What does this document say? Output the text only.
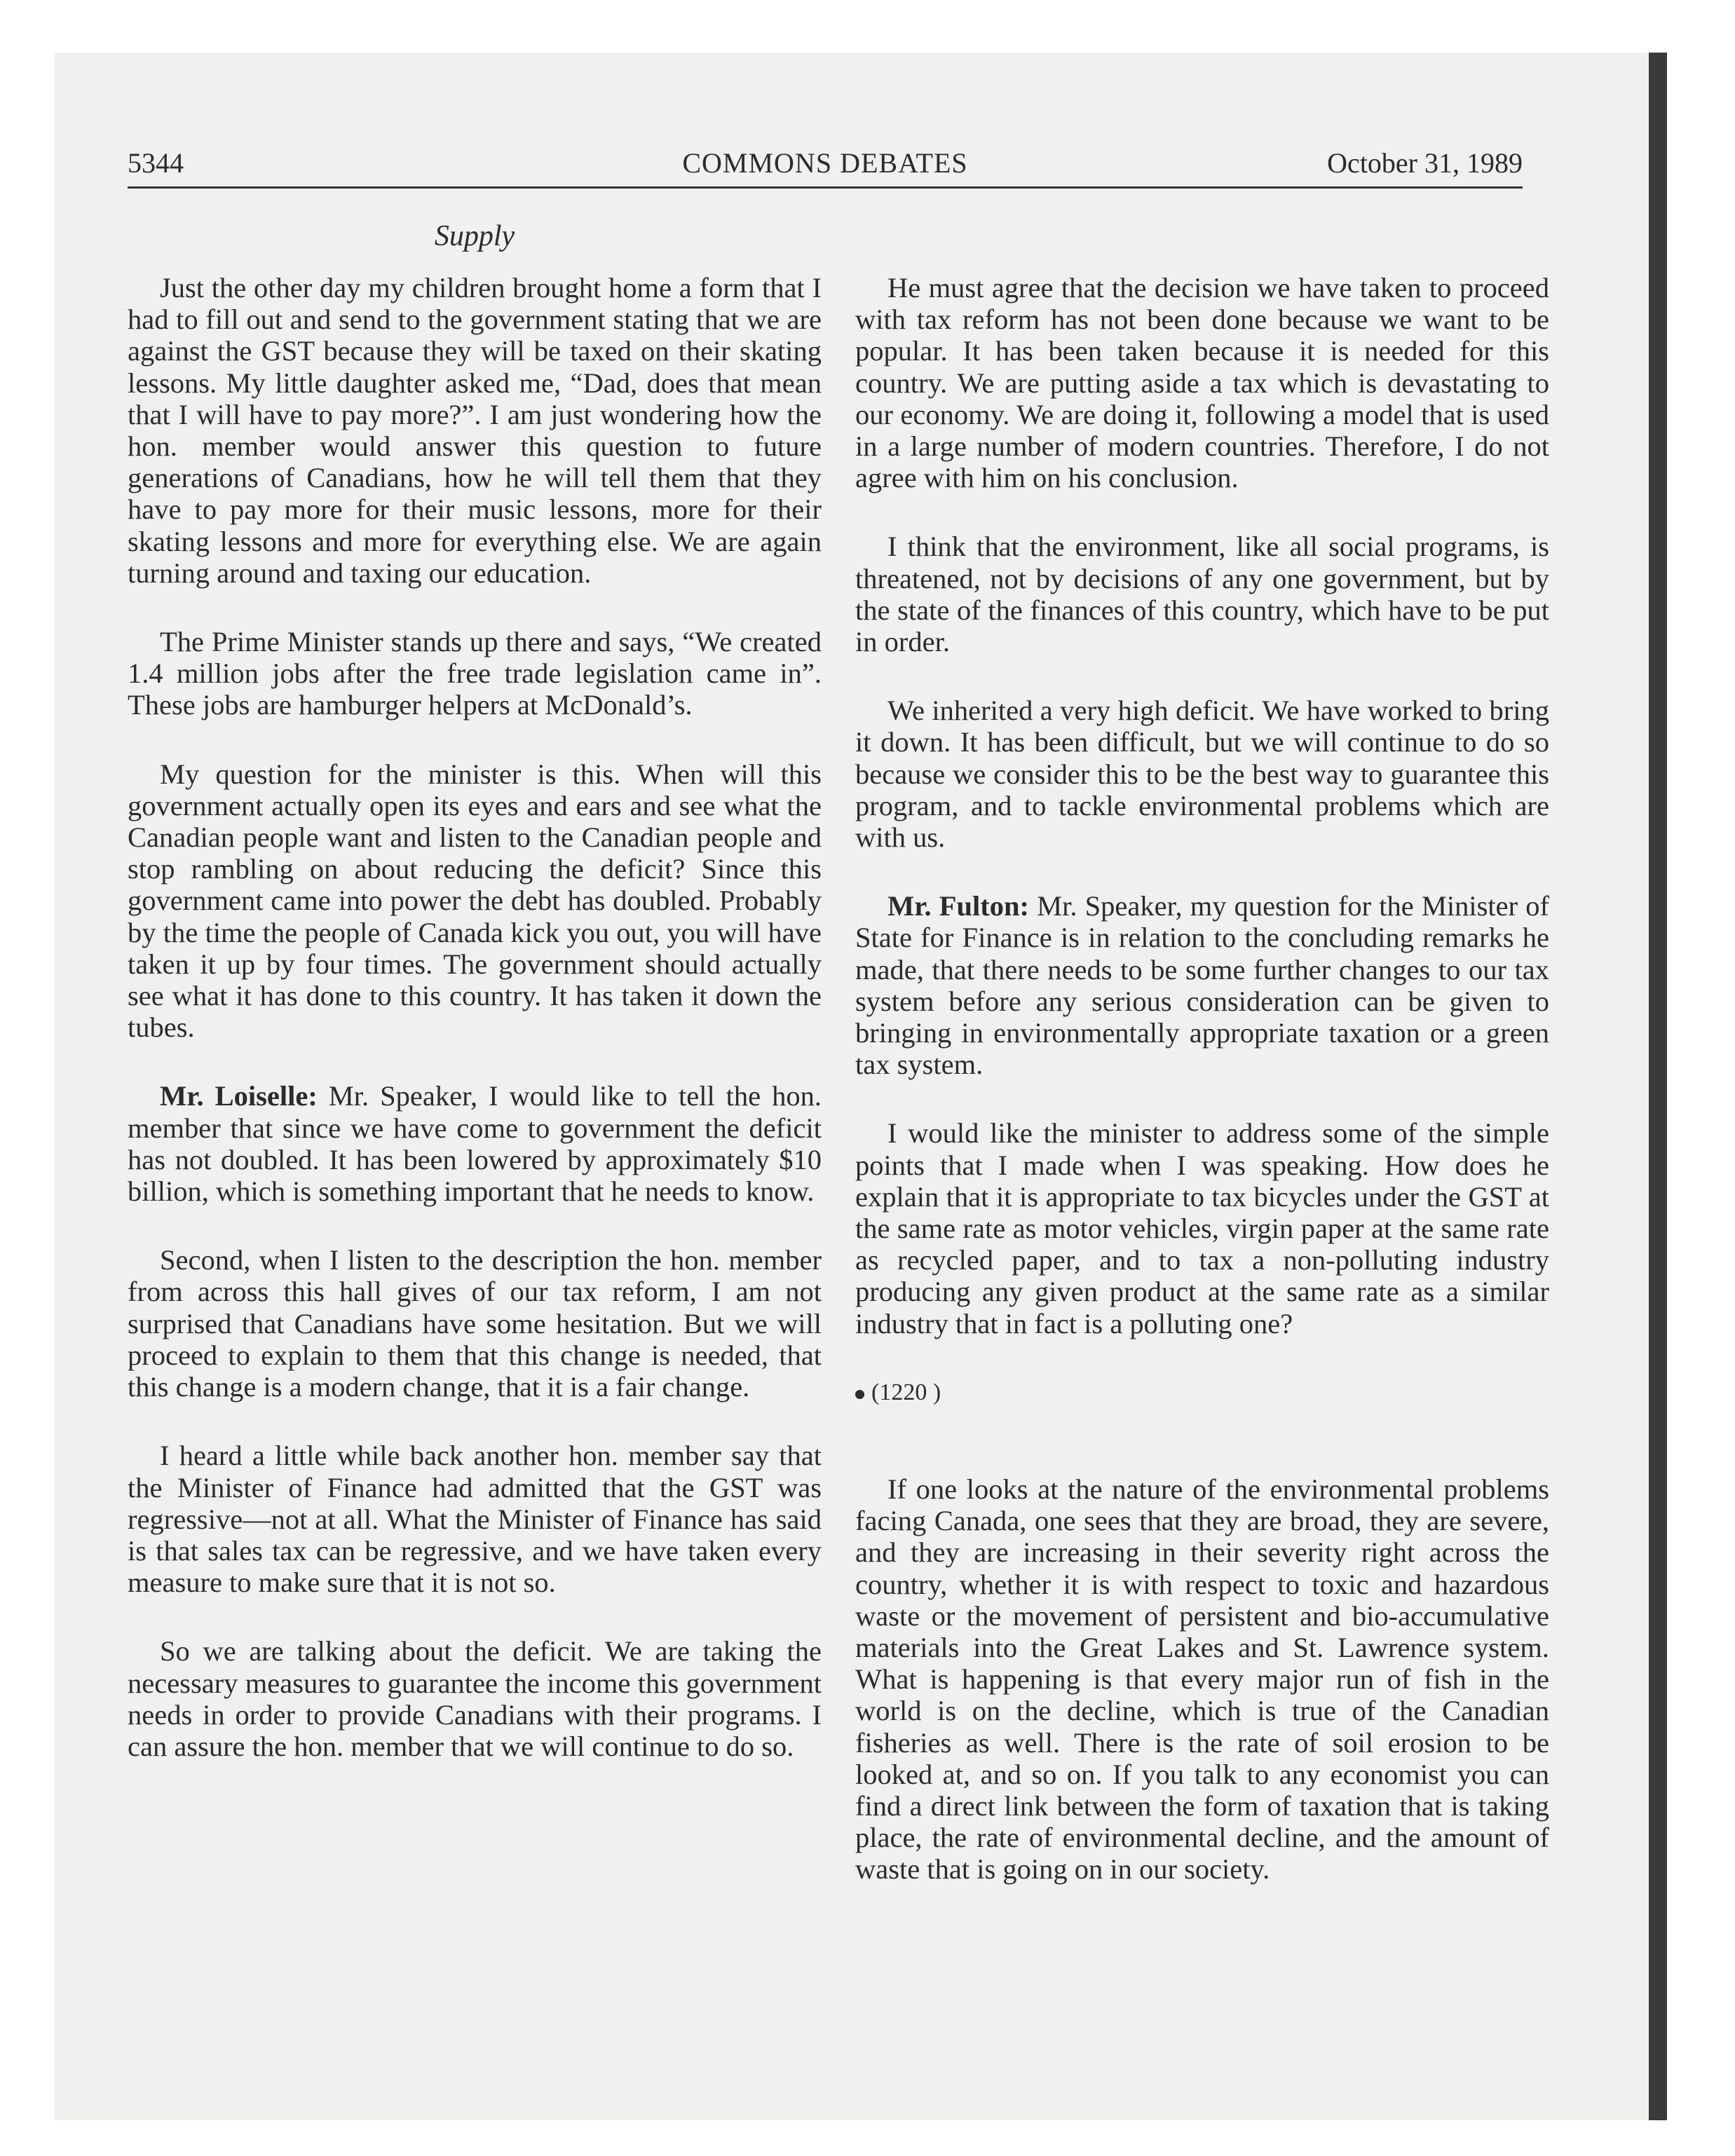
5344	COMMONS DEBATES	October 31, 1989
Supply

Just the other day my children brought home a form that I had to fill out and send to the government stating that we are against the GST because they will be taxed on their skating lessons. My little daughter asked me, “Dad, does that mean that I will have to pay more?”. I am just wondering how the hon. member would answer this question to future generations of Canadians, how he will tell them that they have to pay more for their music lessons, more for their skating lessons and more for everything else. We are again turning around and taxing our education.

The Prime Minister stands up there and says, “We created 1.4 million jobs after the free trade legislation came in”. These jobs are hamburger helpers at McDonald’s.

My question for the minister is this. When will this government actually open its eyes and ears and see what the Canadian people want and listen to the Canadian people and stop rambling on about reducing the deficit? Since this government came into power the debt has doubled. Probably by the time the people of Canada kick you out, you will have taken it up by four times. The government should actually see what it has done to this country. It has taken it down the tubes.

Mr. Loiselle: Mr. Speaker, I would like to tell the hon. member that since we have come to government the deficit has not doubled. It has been lowered by approximately $10 billion, which is something important that he needs to know.

Second, when I listen to the description the hon. member from across this hall gives of our tax reform, I am not surprised that Canadians have some hesitation. But we will proceed to explain to them that this change is needed, that this change is a modern change, that it is a fair change.

I heard a little while back another hon. member say that the Minister of Finance had admitted that the GST was regressive—not at all. What the Minister of Finance has said is that sales tax can be regressive, and we have taken every measure to make sure that it is not so.

So we are talking about the deficit. We are taking the necessary measures to guarantee the income this government needs in order to provide Canadians with their programs. I can assure the hon. member that we will continue to do so.

He must agree that the decision we have taken to proceed with tax reform has not been done because we want to be popular. It has been taken because it is needed for this country. We are putting aside a tax which is devastating to our economy. We are doing it, following a model that is used in a large number of modern countries. Therefore, I do not agree with him on his conclusion.

I think that the environment, like all social programs, is threatened, not by decisions of any one government, but by the state of the finances of this country, which have to be put in order.

We inherited a very high deficit. We have worked to bring it down. It has been difficult, but we will continue to do so because we consider this to be the best way to guarantee this program, and to tackle environmental problems which are with us.

Mr. Fulton: Mr. Speaker, my question for the Minister of State for Finance is in relation to the concluding remarks he made, that there needs to be some further changes to our tax system before any serious consideration can be given to bringing in environmentally appropriate taxation or a green tax system.

I would like the minister to address some of the simple points that I made when I was speaking. How does he explain that it is appropriate to tax bicycles under the GST at the same rate as motor vehicles, virgin paper at the same rate as recycled paper, and to tax a non-polluting industry producing any given product at the same rate as a similar industry that in fact is a polluting one?

(1220 )

If one looks at the nature of the environmental problems facing Canada, one sees that they are broad, they are severe, and they are increasing in their severity right across the country, whether it is with respect to toxic and hazardous waste or the movement of persistent and bio-accumulative materials into the Great Lakes and St. Lawrence system. What is happening is that every major run of fish in the world is on the decline, which is true of the Canadian fisheries as well. There is the rate of soil erosion to be looked at, and so on. If you talk to any economist you can find a direct link between the form of taxation that is taking place, the rate of environmental decline, and the amount of waste that is going on in our society.
